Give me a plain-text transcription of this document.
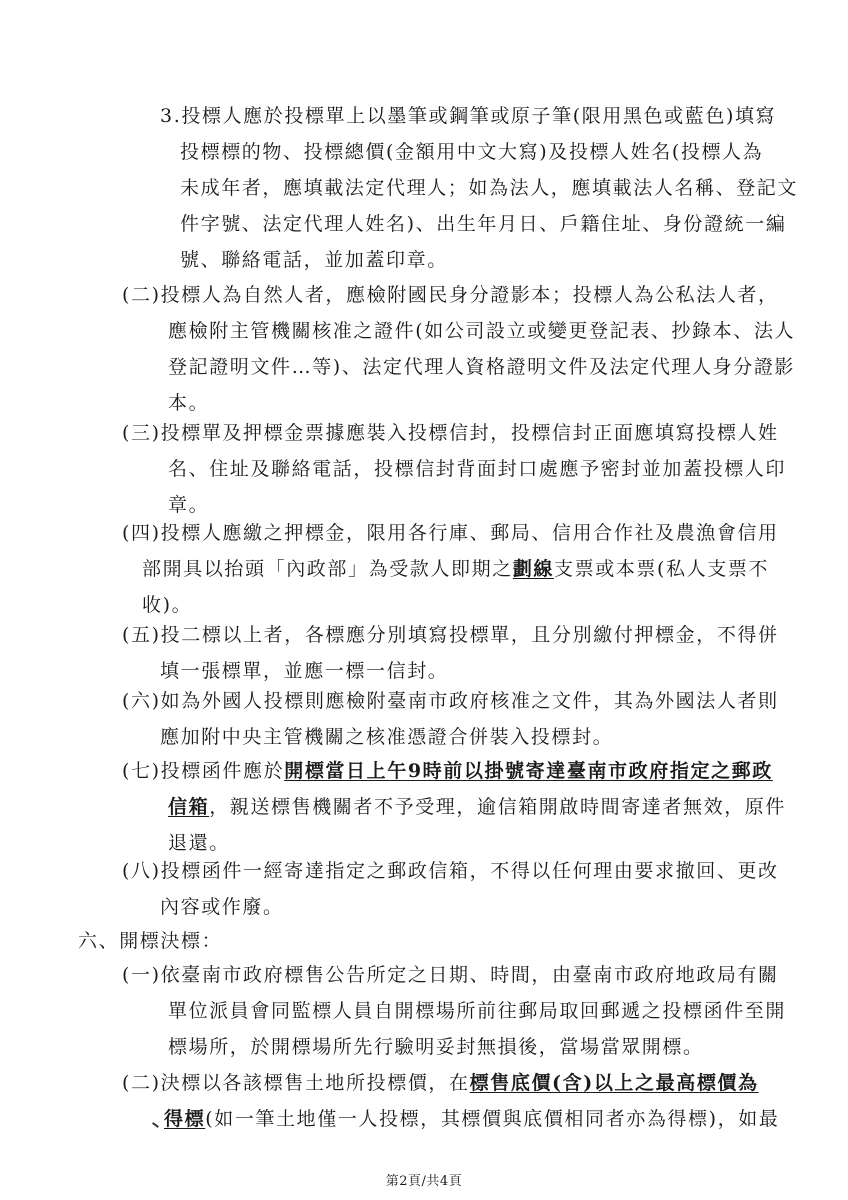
3.投標人應於投標單上以墨筆或鋼筆或原子筆(限用黑色或藍色)填寫
投標標的物、投標總價(金額用中文大寫)及投標人姓名(投標人為
未成年者，應填載法定代理人；如為法人，應填載法人名稱、登記文
件字號、法定代理人姓名)、出生年月日、戶籍住址、身份證統一編
號、聯絡電話，並加蓋印章。
(二)投標人為自然人者，應檢附國民身分證影本；投標人為公私法人者，
應檢附主管機關核准之證件(如公司設立或變更登記表、抄錄本、法人
登記證明文件…等)、法定代理人資格證明文件及法定代理人身分證影
本。
(三)投標單及押標金票據應裝入投標信封，投標信封正面應填寫投標人姓
名、住址及聯絡電話，投標信封背面封口處應予密封並加蓋投標人印
章。
(四)投標人應繳之押標金，限用各行庫、郵局、信用合作社及農漁會信用
部開具以抬頭「內政部」為受款人即期之劃線支票或本票(私人支票不
收)。
(五)投二標以上者，各標應分別填寫投標單，且分別繳付押標金，不得併
填一張標單，並應一標一信封。
(六)如為外國人投標則應檢附臺南市政府核准之文件，其為外國法人者則
應加附中央主管機關之核准憑證合併裝入投標封。
(七)投標函件應於開標當日上午9時前以掛號寄達臺南市政府指定之郵政
信箱，親送標售機關者不予受理，逾信箱開啟時間寄達者無效，原件
退還。
(八)投標函件一經寄達指定之郵政信箱，不得以任何理由要求撤回、更改
內容或作廢。
六、開標決標：
(一)依臺南市政府標售公告所定之日期、時間，由臺南市政府地政局有關
單位派員會同監標人員自開標場所前往郵局取回郵遞之投標函件至開
標場所，於開標場所先行驗明妥封無損後，當場當眾開標。
(二)決標以各該標售土地所投標價，在標售底價(含)以上之最高標價為
得標(如一筆土地僅一人投標，其標價與底價相同者亦為得標)，如最
第2頁/共4頁
